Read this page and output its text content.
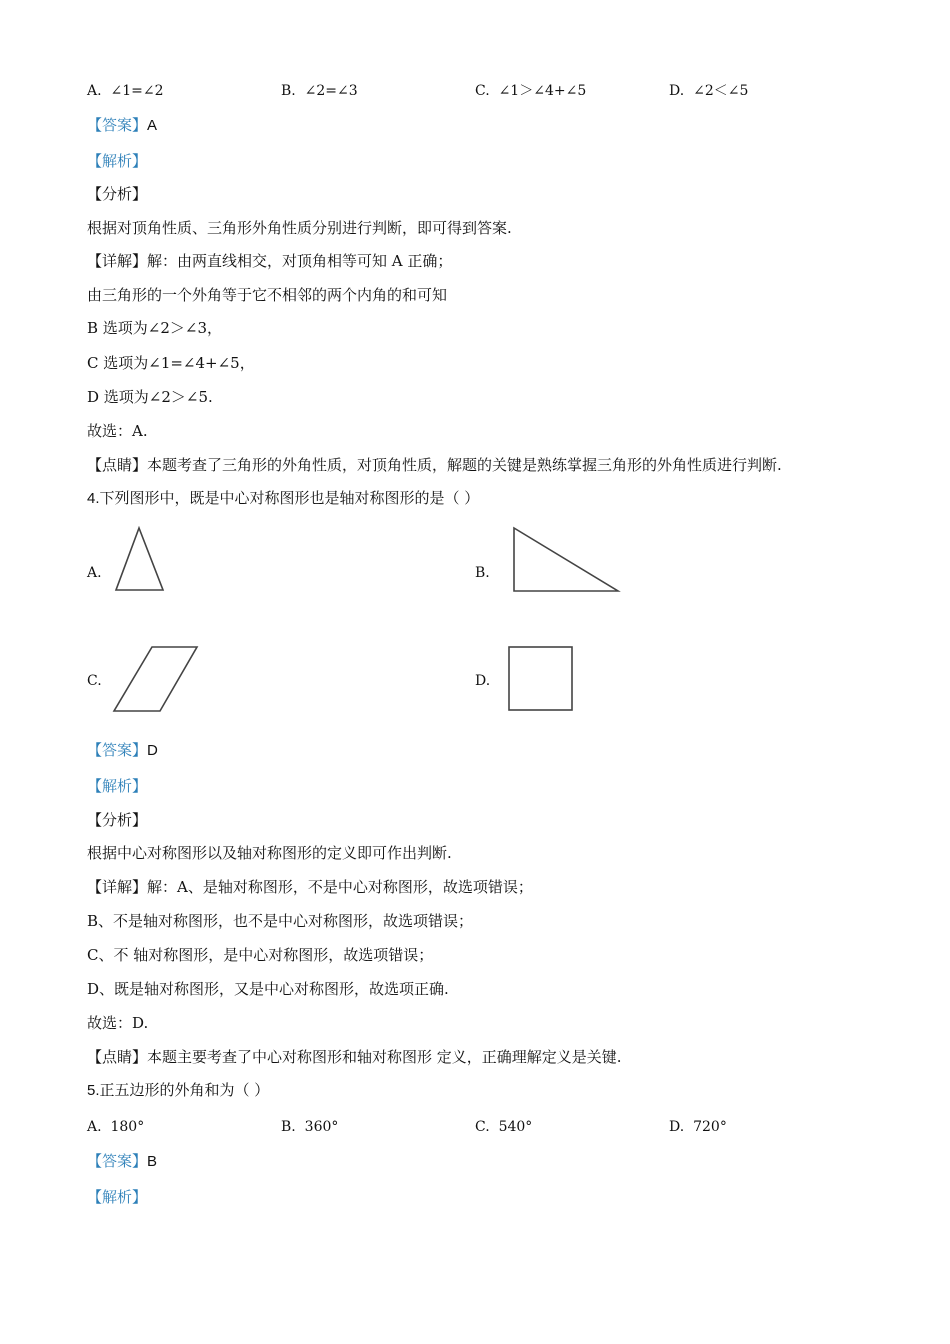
A. ∠1=∠2	B. ∠2=∠3	C. ∠1＞∠4+∠5	D. ∠2＜∠5
【答案】A
【解析】
【分析】
根据对顶角性质、三角形外角性质分别进行判断，即可得到答案.
【详解】解：由两直线相交，对顶角相等可知 A 正确；
由三角形的一个外角等于它不相邻的两个内角的和可知
B 选项为∠2＞∠3，
C 选项为∠1=∠4+∠5，
D 选项为∠2＞∠5.
故选：A.
【点睛】本题考查了三角形的外角性质，对顶角性质，解题的关键是熟练掌握三角形的外角性质进行判断.
4.下列图形中，既是中心对称图形也是轴对称图形的是（ ）
A.	B.
C.	D.
【答案】D
【解析】
【分析】
根据中心对称图形以及轴对称图形的定义即可作出判断.
【详解】解：A、是轴对称图形，不是中心对称图形，故选项错误；
B、不是轴对称图形，也不是中心对称图形，故选项错误；
C、不 轴对称图形，是中心对称图形，故选项错误；
D、既是轴对称图形，又是中心对称图形，故选项正确.
故选：D.
【点睛】本题主要考查了中心对称图形和轴对称图形 定义，正确理解定义是关键.
5.正五边形的外角和为（ ）
A. 180°	B. 360°	C. 540°	D. 720°
【答案】B
【解析】
